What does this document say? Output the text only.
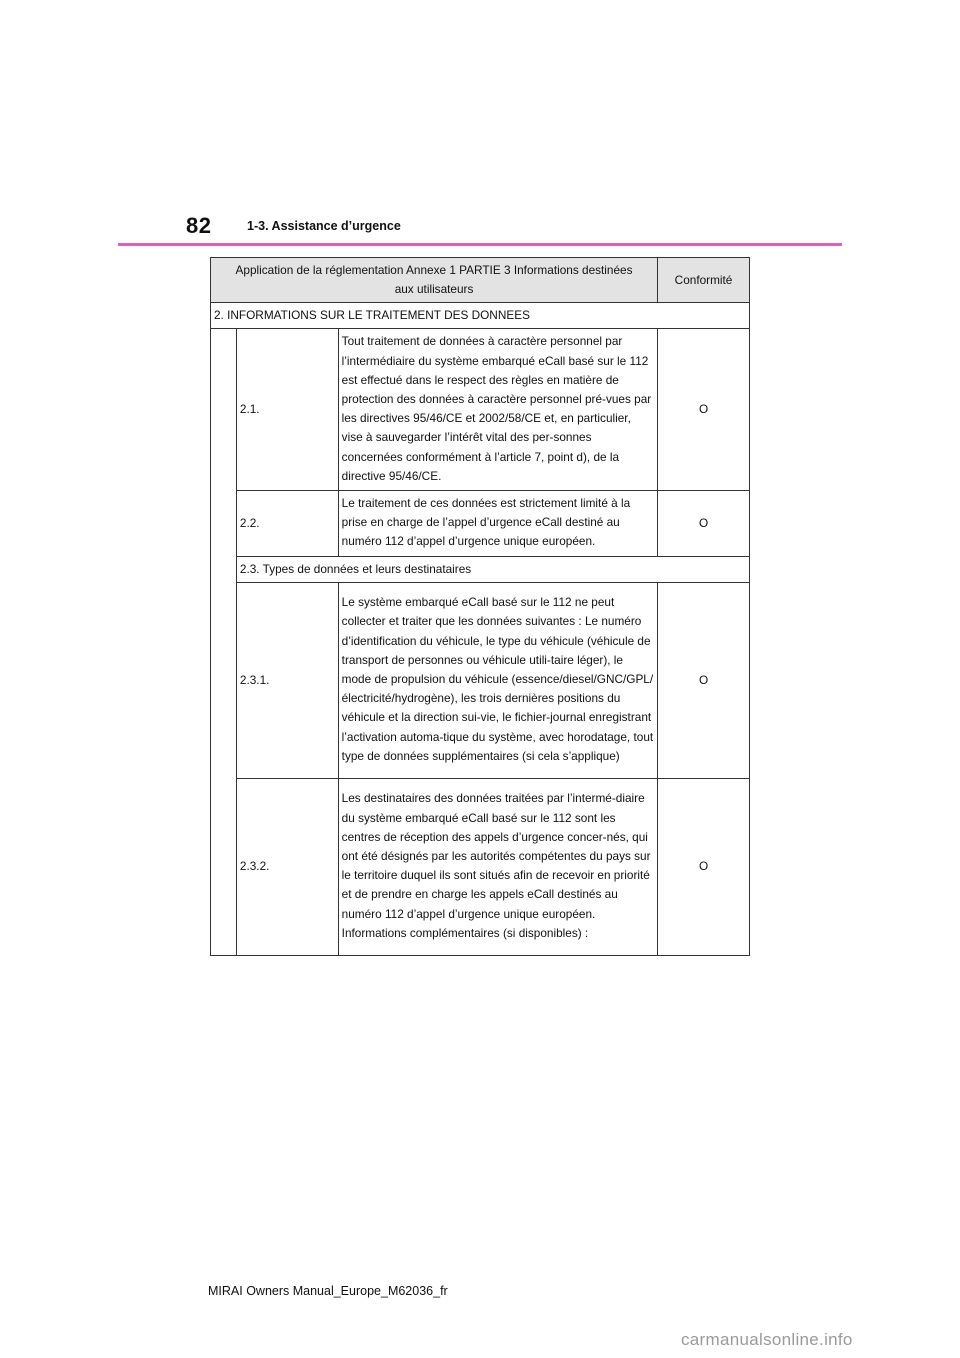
82	1-3. Assistance d’urgence
Application de la réglementation Annexe 1 PARTIE 3 Informations destinées aux utilisateurs			Conformité
2. INFORMATIONS SUR LE TRAITEMENT DES DONNEES			
	2.1.	Tout traitement de données à caractère personnel par l’intermédiaire du système embarqué eCall basé sur le 112 est effectué dans le respect des règles en matière de protection des données à caractère personnel pré-vues par les directives 95/46/CE et 2002/58/CE et, en particulier, vise à sauvegarder l’intérêt vital des per-sonnes concernées conformément à l’article 7, point d), de la directive 95/46/CE.	O
	2.2.	Le traitement de ces données est strictement limité à la prise en charge de l’appel d’urgence eCall destiné au numéro 112 d’appel d’urgence unique européen.	O
	2.3. Types de données et leurs destinataires		
	2.3.1.	Le système embarqué eCall basé sur le 112 ne peut collecter et traiter que les données suivantes : Le numéro d’identification du véhicule, le type du véhicule (véhicule de transport de personnes ou véhicule utili-taire léger), le mode de propulsion du véhicule (essence/diesel/GNC/GPL/électricité/hydrogène), les trois dernières positions du véhicule et la direction sui-vie, le fichier-journal enregistrant l’activation automa-tique du système, avec horodatage, tout type de données supplémentaires (si cela s’applique)	O
	2.3.2.	Les destinataires des données traitées par l’intermé-diaire du système embarqué eCall basé sur le 112 sont les centres de réception des appels d’urgence concer-nés, qui ont été désignés par les autorités compétentes du pays sur le territoire duquel ils sont situés afin de recevoir en priorité et de prendre en charge les appels eCall destinés au numéro 112 d’appel d’urgence unique européen. Informations complémentaires (si disponibles) :	O
MIRAI Owners Manual_Europe_M62036_fr
carmanualsonline.info
